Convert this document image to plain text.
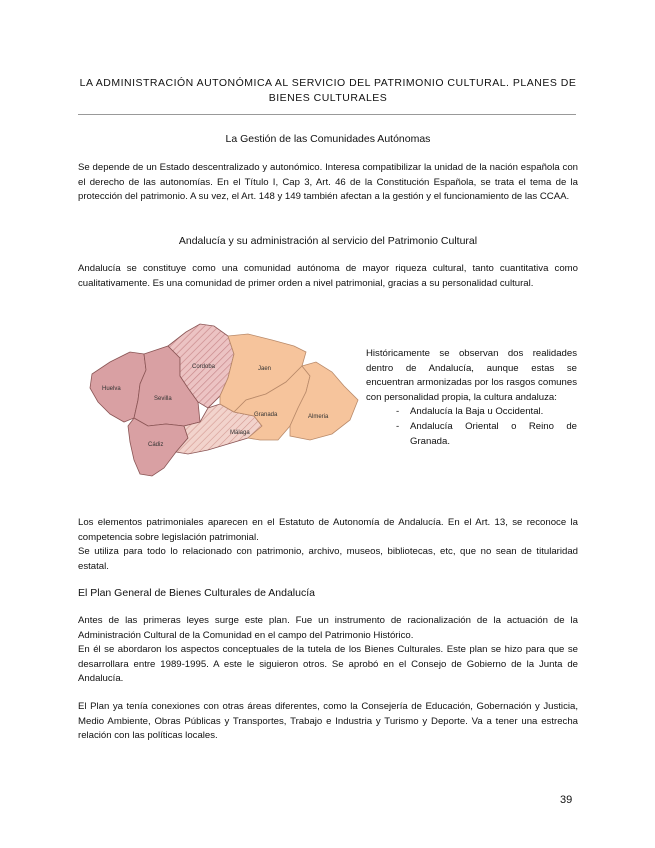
LA ADMINISTRACIÓN AUTONÓMICA AL SERVICIO DEL PATRIMONIO CULTURAL. PLANES DE
BIENES CULTURALES
La Gestión de las Comunidades Autónomas

Se depende de un Estado descentralizado y autonómico. Interesa compatibilizar la unidad de la nación española con el derecho de las autonomías. En el Título I, Cap 3, Art. 46 de la Constitución Española, se trata el tema de la protección del patrimonio. A su vez, el Art. 148 y 149 también afectan a la gestión y el funcionamiento de las CCAA.

Andalucía y su administración al servicio del Patrimonio Cultural

Andalucía se constituye como una comunidad autónoma de mayor riqueza cultural, tanto cuantitativa como cualitativamente. Es una comunidad de primer orden a nivel patrimonial, gracias a su personalidad cultural.

Huelva
Sevilla
Cordoba
Cádiz
Málaga
Jaen
Granada	Almeria

Históricamente se observan dos realidades dentro de Andalucía, aunque estas se encuentran armonizadas por los rasgos comunes con personalidad propia, la cultura andaluza:

- Andalucía la Baja u Occidental.
- Andalucía Oriental o Reino de Granada.

Los elementos patrimoniales aparecen en el Estatuto de Autonomía de Andalucía. En el Art. 13, se reconoce la competencia sobre legislación patrimonial.

Se utiliza para todo lo relacionado con patrimonio, archivo, museos, bibliotecas, etc, que no sean de titularidad estatal.

El Plan General de Bienes Culturales de Andalucía

Antes de las primeras leyes surge este plan. Fue un instrumento de racionalización de la actuación de la Administración Cultural de la Comunidad en el campo del Patrimonio Histórico.

En él se abordaron los aspectos conceptuales de la tutela de los Bienes Culturales. Este plan se hizo para que se desarrollara entre 1989-1995. A este le siguieron otros. Se aprobó en el Consejo de Gobierno de la Junta de Andalucía.

El Plan ya tenía conexiones con otras áreas diferentes, como la Consejería de Educación, Gobernación y Justicia, Medio Ambiente, Obras Públicas y Transportes, Trabajo e Industria y Turismo y Deporte. Va a tener una estrecha relación con las políticas locales.

39
